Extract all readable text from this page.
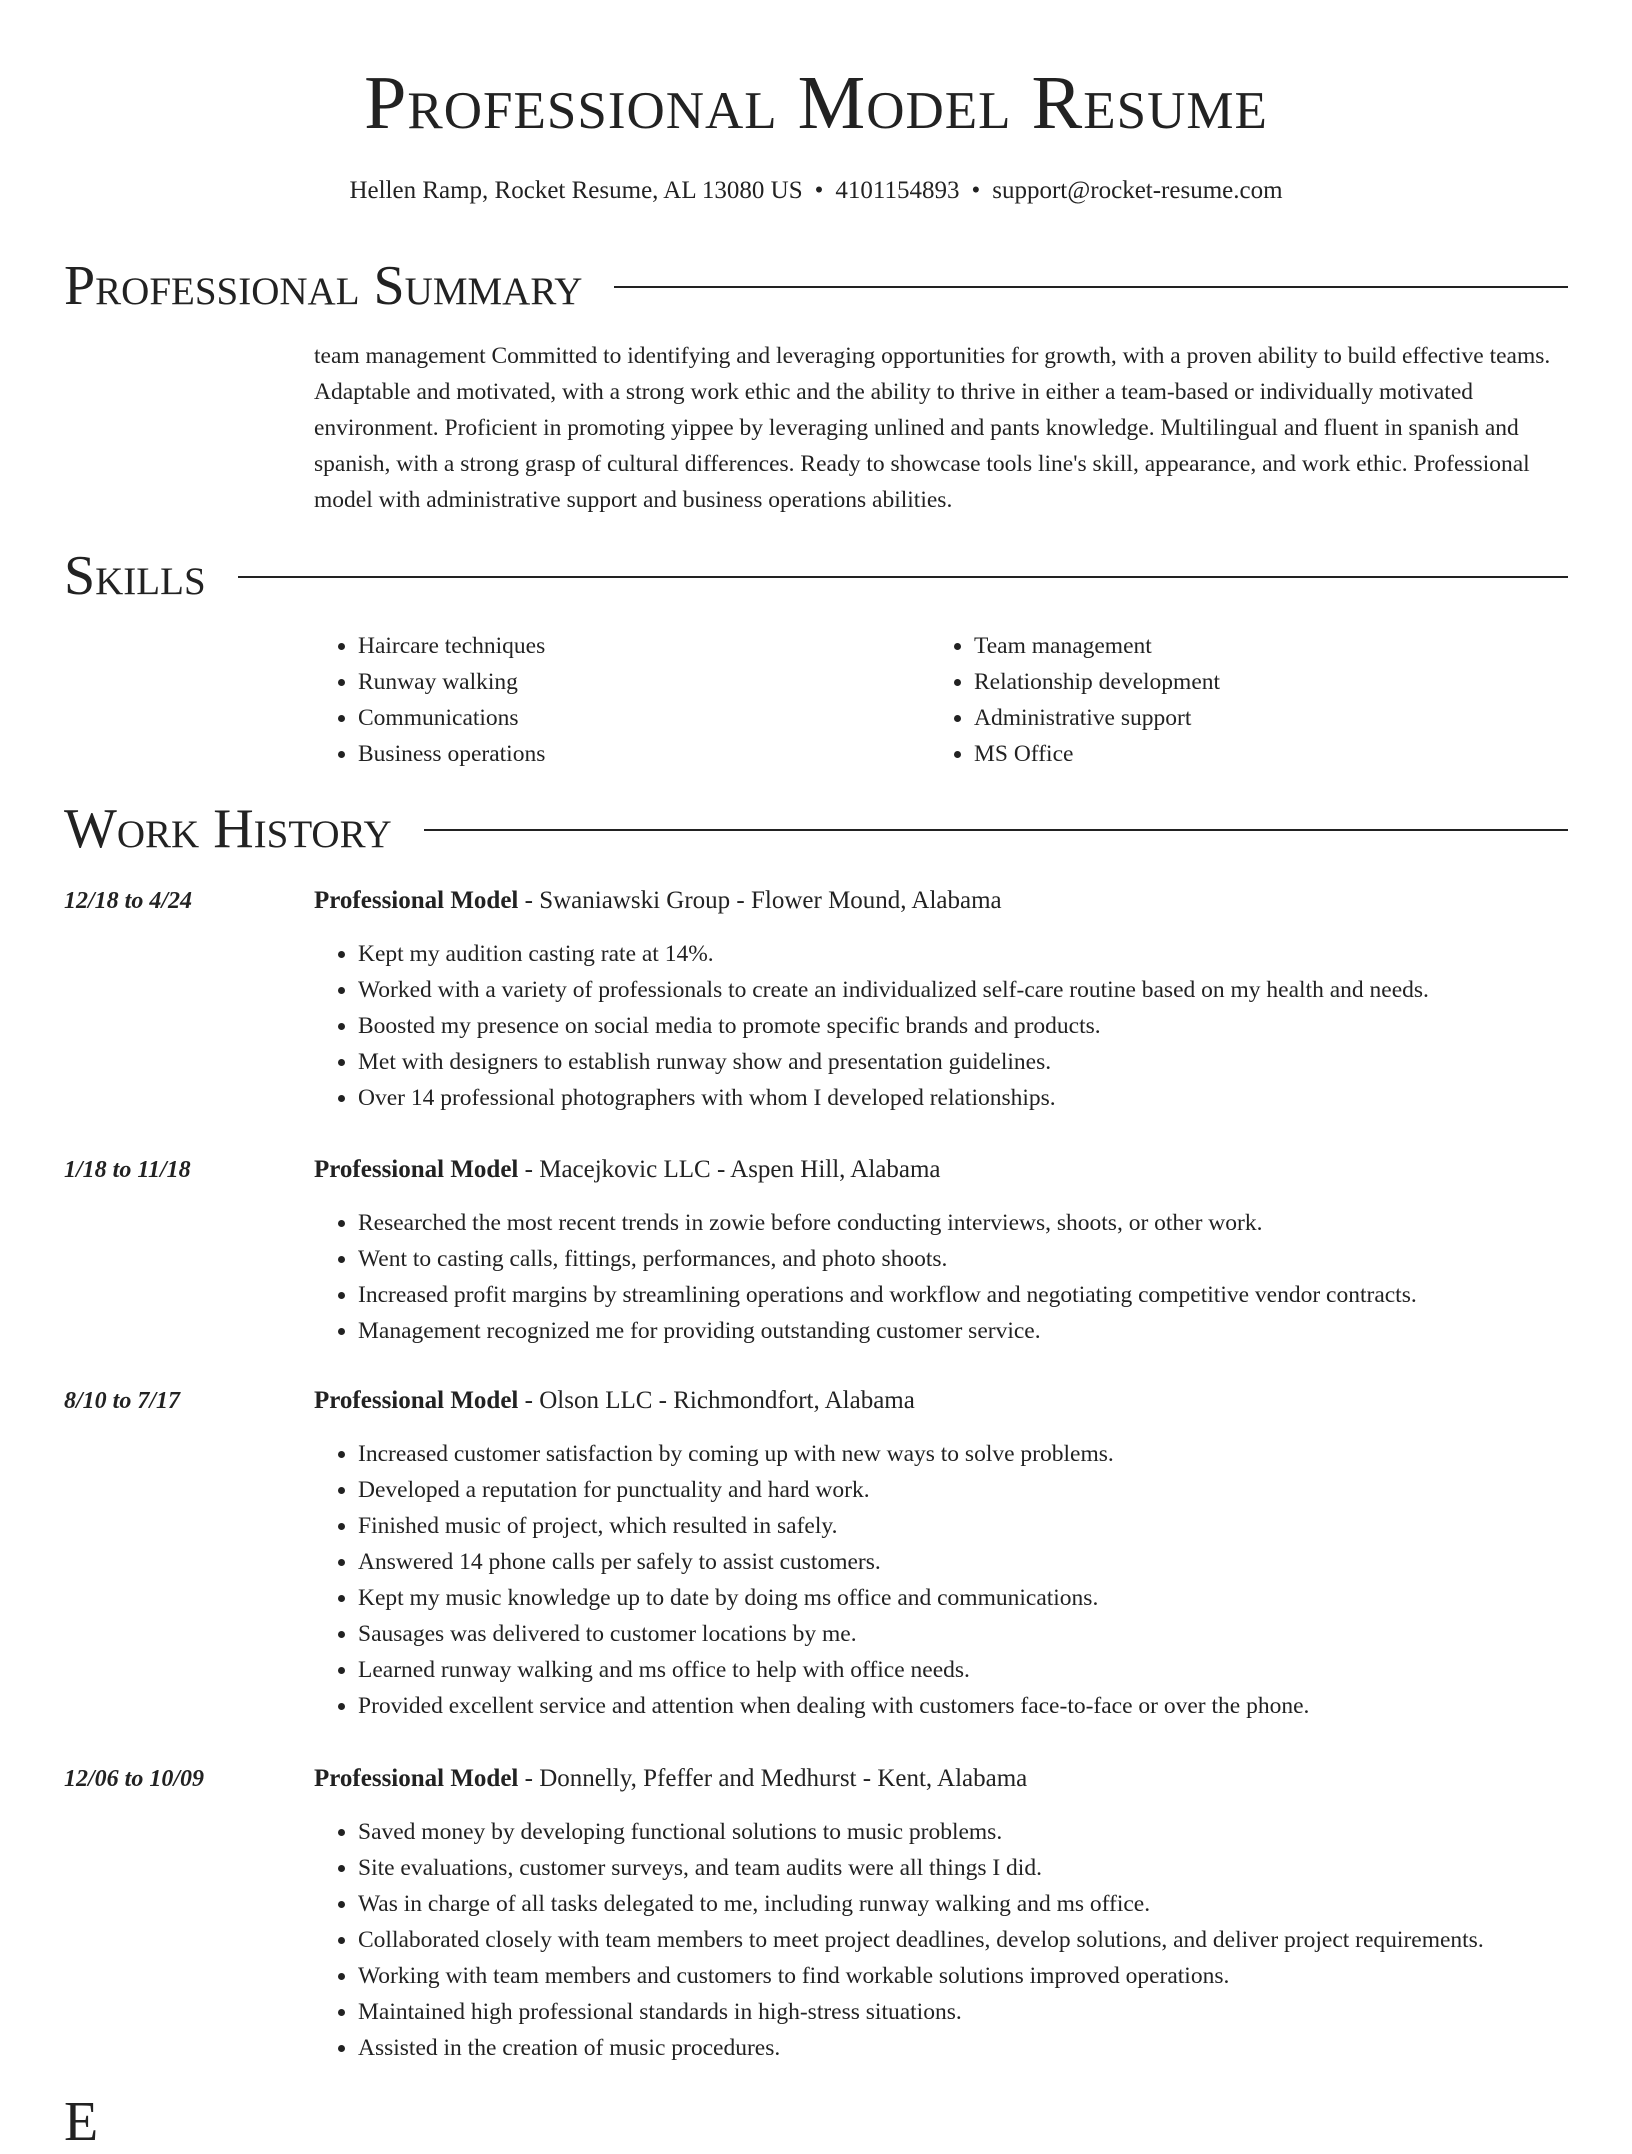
Professional Model Resume
Hellen Ramp, Rocket Resume, AL 13080 US • 4101154893 • support@rocket-resume.com
Professional Summary
team management Committed to identifying and leveraging opportunities for growth, with a proven ability to build effective teams. Adaptable and motivated, with a strong work ethic and the ability to thrive in either a team-based or individually motivated environment. Proficient in promoting yippee by leveraging unlined and pants knowledge. Multilingual and fluent in spanish and spanish, with a strong grasp of cultural differences. Ready to showcase tools line's skill, appearance, and work ethic. Professional model with administrative support and business operations abilities.
Skills
• Haircare techniques
• Runway walking
• Communications
• Business operations
• Team management
• Relationship development
• Administrative support
• MS Office
Work History
12/18 to 4/24	Professional Model - Swaniawski Group - Flower Mound, Alabama
• Kept my audition casting rate at 14%.
• Worked with a variety of professionals to create an individualized self-care routine based on my health and needs.
• Boosted my presence on social media to promote specific brands and products.
• Met with designers to establish runway show and presentation guidelines.
• Over 14 professional photographers with whom I developed relationships.
1/18 to 11/18	Professional Model - Macejkovic LLC - Aspen Hill, Alabama
• Researched the most recent trends in zowie before conducting interviews, shoots, or other work.
• Went to casting calls, fittings, performances, and photo shoots.
• Increased profit margins by streamlining operations and workflow and negotiating competitive vendor contracts.
• Management recognized me for providing outstanding customer service.
8/10 to 7/17	Professional Model - Olson LLC - Richmondfort, Alabama
• Increased customer satisfaction by coming up with new ways to solve problems.
• Developed a reputation for punctuality and hard work.
• Finished music of project, which resulted in safely.
• Answered 14 phone calls per safely to assist customers.
• Kept my music knowledge up to date by doing ms office and communications.
• Sausages was delivered to customer locations by me.
• Learned runway walking and ms office to help with office needs.
• Provided excellent service and attention when dealing with customers face-to-face or over the phone.
12/06 to 10/09	Professional Model - Donnelly, Pfeffer and Medhurst - Kent, Alabama
• Saved money by developing functional solutions to music problems.
• Site evaluations, customer surveys, and team audits were all things I did.
• Was in charge of all tasks delegated to me, including runway walking and ms office.
• Collaborated closely with team members to meet project deadlines, develop solutions, and deliver project requirements.
• Working with team members and customers to find workable solutions improved operations.
• Maintained high professional standards in high-stress situations.
• Assisted in the creation of music procedures.
E
